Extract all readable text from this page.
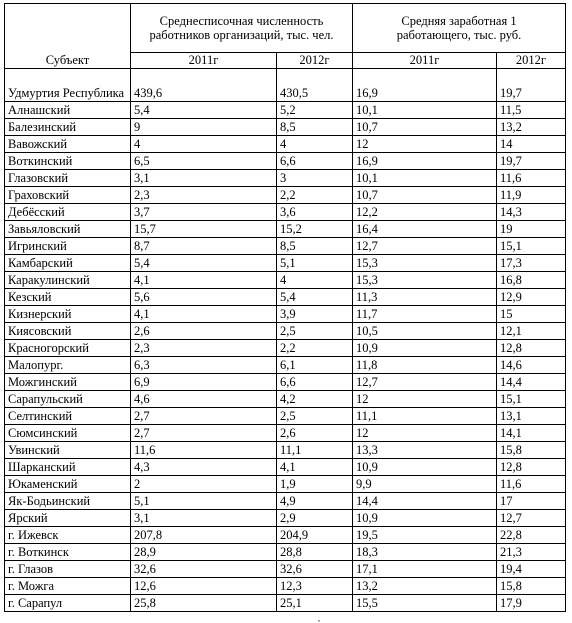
Субъект	Среднесписочная численность работников организаций, тыс. чел.		Средняя заработная 1 работающего, тыс. руб.	
	2011г	2012г	2011г	2012г
Удмуртия Республика	439,6	430,5	16,9	19,7
Алнашский	5,4	5,2	10,1	11,5
Балезинский	9	8,5	10,7	13,2
Вавожский	4	4	12	14
Воткинский	6,5	6,6	16,9	19,7
Глазовский	3,1	3	10,1	11,6
Граховский	2,3	2,2	10,7	11,9
Дебёсский	3,7	3,6	12,2	14,3
Завьяловский	15,7	15,2	16,4	19
Игринский	8,7	8,5	12,7	15,1
Камбарский	5,4	5,1	15,3	17,3
Каракулинский	4,1	4	15,3	16,8
Кезский	5,6	5,4	11,3	12,9
Кизнерский	4,1	3,9	11,7	15
Киясовский	2,6	2,5	10,5	12,1
Красногорский	2,3	2,2	10,9	12,8
Малопург.	6,3	6,1	11,8	14,6
Можгинский	6,9	6,6	12,7	14,4
Сарапульский	4,6	4,2	12	15,1
Селтинский	2,7	2,5	11,1	13,1
Сюмсинский	2,7	2,6	12	14,1
Увинский	11,6	11,1	13,3	15,8
Шарканский	4,3	4,1	10,9	12,8
Юкаменский	2	1,9	9,9	11,6
Як-Бодьинский	5,1	4,9	14,4	17
Ярский	3,1	2,9	10,9	12,7
г. Ижевск	207,8	204,9	19,5	22,8
г. Воткинск	28,9	28,8	18,3	21,3
г. Глазов	32,6	32,6	17,1	19,4
г. Можга	12,6	12,3	13,2	15,8
г. Сарапул	25,8	25,1	15,5	17,9
,
